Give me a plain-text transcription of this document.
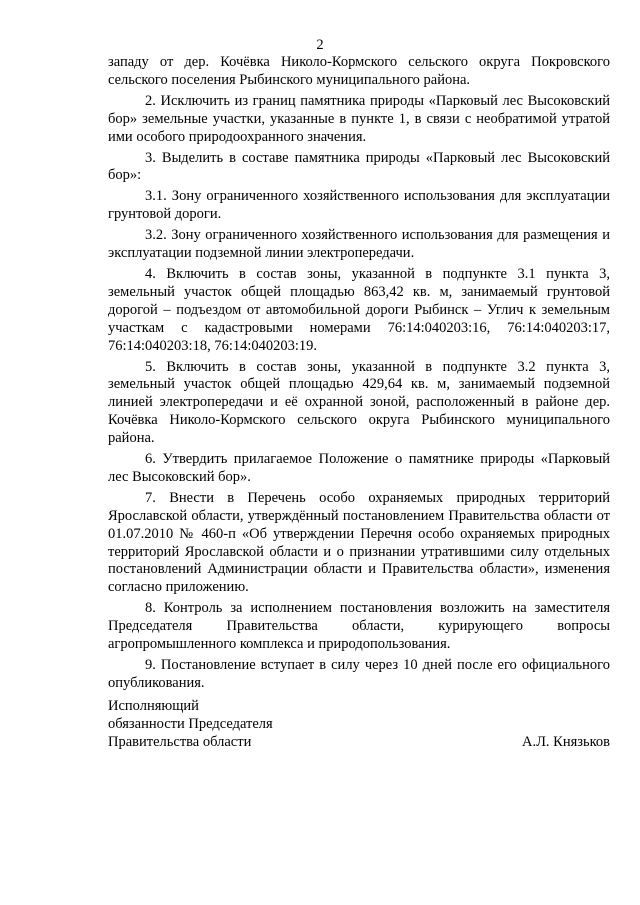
2

западу от дер. Кочёвка Николо-Кормского сельского округа Покровского сельского поселения Рыбинского муниципального района.

2. Исключить из границ памятника природы «Парковый лес Высоковский бор» земельные участки, указанные в пункте 1, в связи с необратимой утратой ими особого природоохранного значения.

3. Выделить в составе памятника природы «Парковый лес Высоковский бор»:

3.1. Зону ограниченного хозяйственного использования для эксплуатации грунтовой дороги.

3.2. Зону ограниченного хозяйственного использования для размещения и эксплуатации подземной линии электропередачи.

4. Включить в состав зоны, указанной в подпункте 3.1 пункта 3, земельный участок общей площадью 863,42 кв. м, занимаемый грунтовой дорогой – подъездом от автомобильной дороги Рыбинск – Углич к земельным участкам с кадастровыми номерами 76:14:040203:16, 76:14:040203:17, 76:14:040203:18, 76:14:040203:19.

5. Включить в состав зоны, указанной в подпункте 3.2 пункта 3, земельный участок общей площадью 429,64 кв. м, занимаемый подземной линией электропередачи и её охранной зоной, расположенный в районе дер. Кочёвка Николо-Кормского сельского округа Рыбинского муниципального района.

6. Утвердить прилагаемое Положение о памятнике природы «Парковый лес Высоковский бор».

7. Внести в Перечень особо охраняемых природных территорий Ярославской области, утверждённый постановлением Правительства области от 01.07.2010 № 460-п «Об утверждении Перечня особо охраняемых природных территорий Ярославской области и о признании утратившими силу отдельных постановлений Администрации области и Правительства области», изменения согласно приложению.

8. Контроль за исполнением постановления возложить на заместителя Председателя Правительства области, курирующего вопросы агропромышленного комплекса и природопользования.

9. Постановление вступает в силу через 10 дней после его официального опубликования.

Исполняющий
обязанности Председателя
Правительства области	А.Л. Князьков
